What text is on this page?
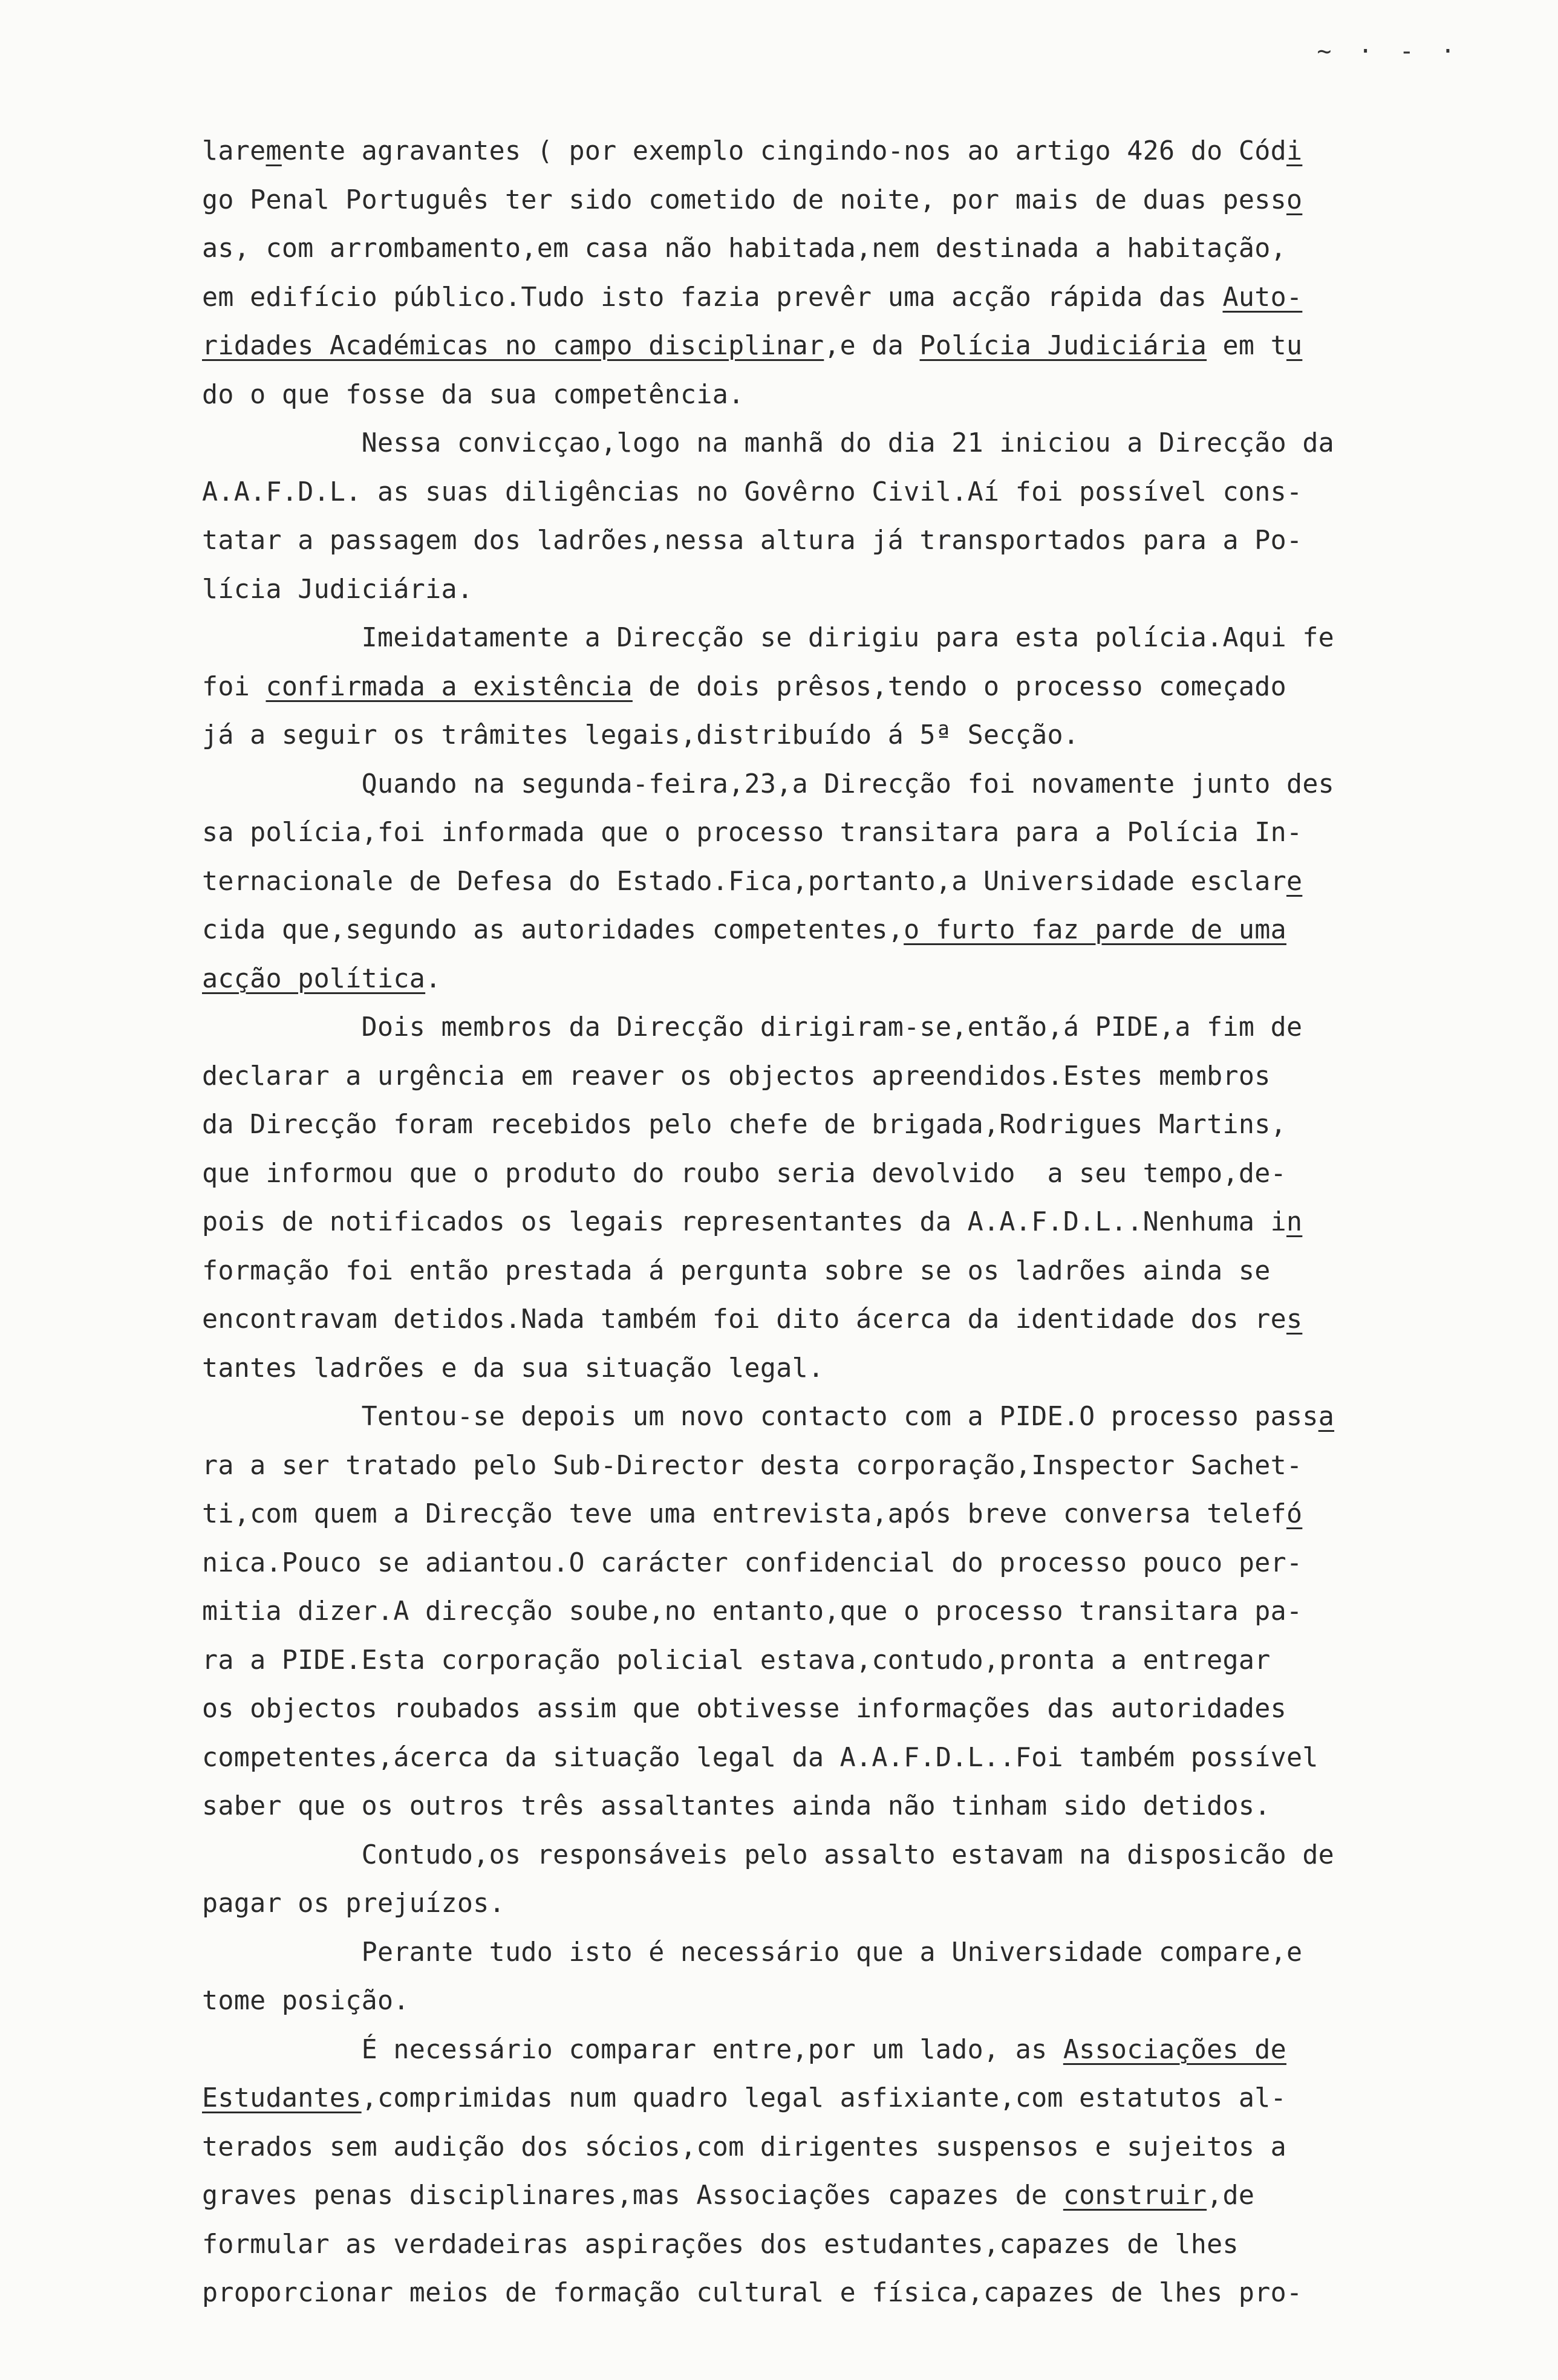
~ · - ·
laremente agravantes ( por exemplo cingindo-nos ao artigo 426 do Códi
go Penal Português ter sido cometido de noite, por mais de duas pesso
as, com arrombamento,em casa não habitada,nem destinada a habitação,
em edifício público.Tudo isto fazia prevêr uma acção rápida das Auto-
ridades Académicas no campo disciplinar,e da Polícia Judiciária em tu
do o que fosse da sua competência.
Nessa convicçao,logo na manhã do dia 21 iniciou a Direcção da
A.A.F.D.L. as suas diligências no Govêrno Civil.Aí foi possível cons-
tatar a passagem dos ladrões,nessa altura já transportados para a Po-
lícia Judiciária.
Imeidatamente a Direcção se dirigiu para esta polícia.Aqui fe
foi confirmada a existência de dois prêsos,tendo o processo começado
já a seguir os trâmites legais,distribuído á 5ª Secção.
Quando na segunda-feira,23,a Direcção foi novamente junto des
sa polícia,foi informada que o processo transitara para a Polícia In-
ternacionale de Defesa do Estado.Fica,portanto,a Universidade esclare
cida que,segundo as autoridades competentes,o furto faz parde de uma
acção política.
Dois membros da Direcção dirigiram-se,então,á PIDE,a fim de
declarar a urgência em reaver os objectos apreendidos.Estes membros
da Direcção foram recebidos pelo chefe de brigada,Rodrigues Martins,
que informou que o produto do roubo seria devolvido  a seu tempo,de-
pois de notificados os legais representantes da A.A.F.D.L..Nenhuma in
formação foi então prestada á pergunta sobre se os ladrões ainda se
encontravam detidos.Nada também foi dito ácerca da identidade dos res
tantes ladrões e da sua situação legal.
Tentou-se depois um novo contacto com a PIDE.O processo passa
ra a ser tratado pelo Sub-Director desta corporação,Inspector Sachet-
ti,com quem a Direcção teve uma entrevista,após breve conversa telefó
nica.Pouco se adiantou.O carácter confidencial do processo pouco per-
mitia dizer.A direcção soube,no entanto,que o processo transitara pa-
ra a PIDE.Esta corporação policial estava,contudo,pronta a entregar
os objectos roubados assim que obtivesse informações das autoridades
competentes,ácerca da situação legal da A.A.F.D.L..Foi também possível
saber que os outros três assaltantes ainda não tinham sido detidos.
Contudo,os responsáveis pelo assalto estavam na disposicão de
pagar os prejuízos.
Perante tudo isto é necessário que a Universidade compare,e
tome posição.
É necessário comparar entre,por um lado, as Associações de
Estudantes,comprimidas num quadro legal asfixiante,com estatutos al-
terados sem audição dos sócios,com dirigentes suspensos e sujeitos a
graves penas disciplinares,mas Associações capazes de construir,de
formular as verdadeiras aspirações dos estudantes,capazes de lhes
proporcionar meios de formação cultural e física,capazes de lhes pro-
